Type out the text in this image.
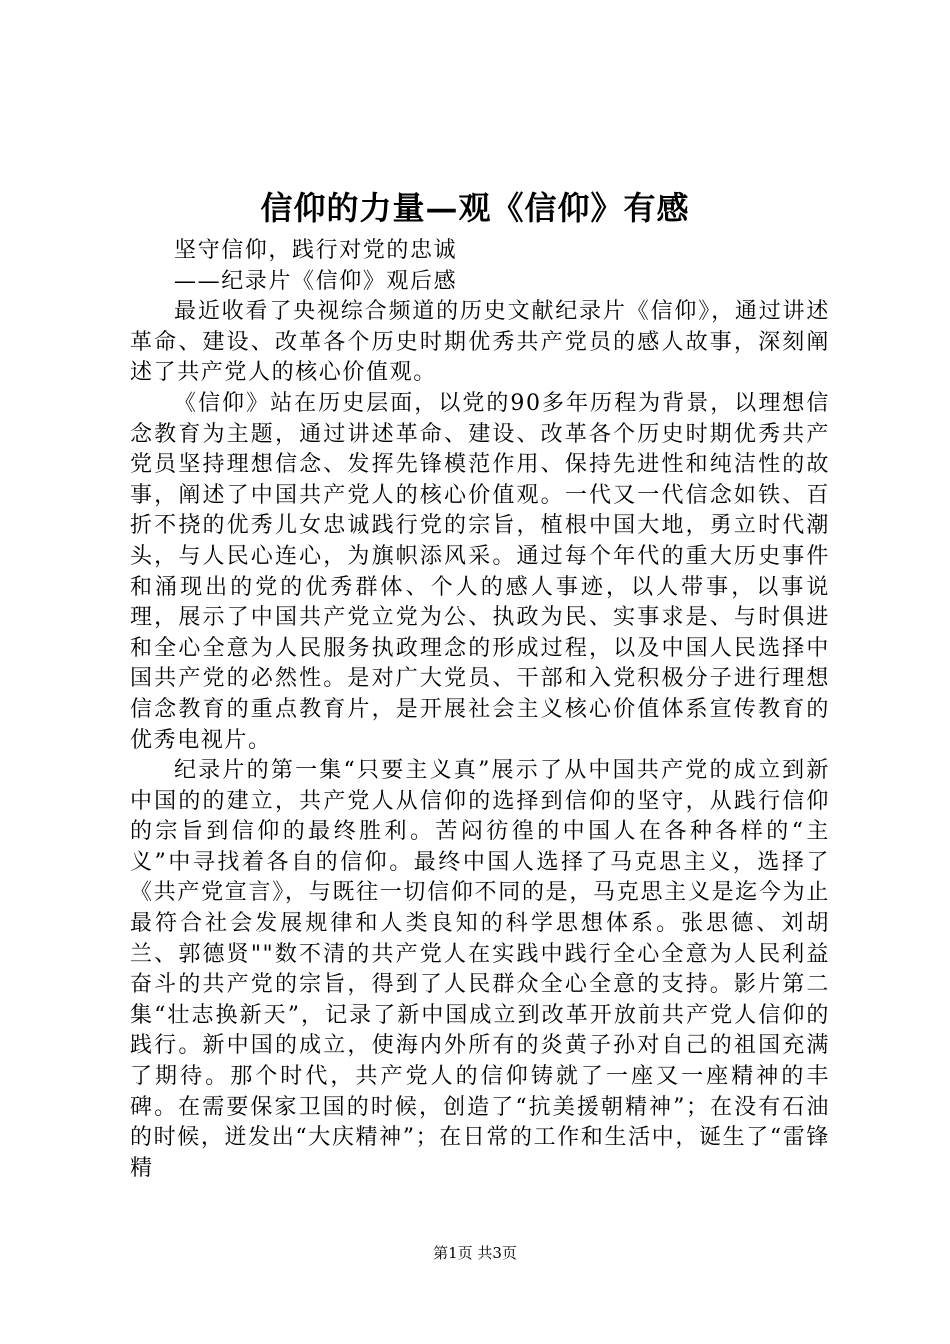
信仰的力量—观《信仰》有感

坚守信仰，践行对党的忠诚

——纪录片《信仰》观后感

最近收看了央视综合频道的历史文献纪录片《信仰》，通过讲述革命、建设、改革各个历史时期优秀共产党员的感人故事，深刻阐述了共产党人的核心价值观。

《信仰》站在历史层面，以党的90多年历程为背景，以理想信念教育为主题，通过讲述革命、建设、改革各个历史时期优秀共产党员坚持理想信念、发挥先锋模范作用、保持先进性和纯洁性的故事，阐述了中国共产党人的核心价值观。一代又一代信念如铁、百折不挠的优秀儿女忠诚践行党的宗旨，植根中国大地，勇立时代潮头，与人民心连心，为旗帜添风采。通过每个年代的重大历史事件和涌现出的党的优秀群体、个人的感人事迹，以人带事，以事说理，展示了中国共产党立党为公、执政为民、实事求是、与时俱进和全心全意为人民服务执政理念的形成过程，以及中国人民选择中国共产党的必然性。是对广大党员、干部和入党积极分子进行理想信念教育的重点教育片，是开展社会主义核心价值体系宣传教育的优秀电视片。

纪录片的第一集“只要主义真”展示了从中国共产党的成立到新中国的的建立，共产党人从信仰的选择到信仰的坚守，从践行信仰的宗旨到信仰的最终胜利。苦闷彷徨的中国人在各种各样的“主义”中寻找着各自的信仰。最终中国人选择了马克思主义，选择了《共产党宣言》，与既往一切信仰不同的是，马克思主义是迄今为止最符合社会发展规律和人类良知的科学思想体系。张思德、刘胡兰、郭德贤""数不清的共产党人在实践中践行全心全意为人民利益奋斗的共产党的宗旨，得到了人民群众全心全意的支持。影片第二集“壮志换新天”，记录了新中国成立到改革开放前共产党人信仰的践行。新中国的成立，使海内外所有的炎黄子孙对自己的祖国充满了期待。那个时代，共产党人的信仰铸就了一座又一座精神的丰碑。在需要保家卫国的时候，创造了“抗美援朝精神”；在没有石油的时候，迸发出“大庆精神”；在日常的工作和生活中，诞生了“雷锋精

第1页 共3页
